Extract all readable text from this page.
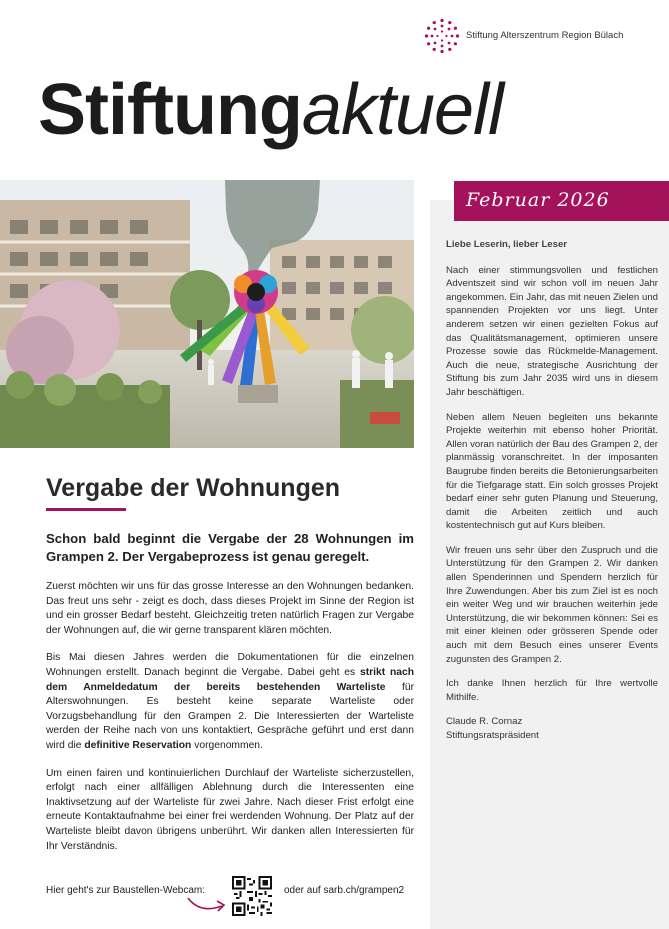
Stiftung Alterszentrum Region Bülach
Stiftungaktuell
Februar 2026

Liebe Leserin, lieber Leser

Nach einer stimmungsvollen und festlichen Adventszeit sind wir schon voll im neuen Jahr angekommen. Ein Jahr, das mit neuen Zielen und spannenden Projekten vor uns liegt. Unter anderem setzen wir einen gezielten Fokus auf das Qualitätsmanagement, optimieren unsere Prozesse sowie das Rückmelde-Management. Auch die neue, strategische Ausrichtung der Stiftung bis zum Jahr 2035 wird uns in diesem Jahr beschäftigen.

Neben allem Neuen begleiten uns bekannte Projekte weiterhin mit ebenso hoher Priorität. Allen voran natürlich der Bau des Grampen 2, der planmässig voranschreitet. In der imposanten Baugrube finden bereits die Betonierungsarbeiten für die Tiefgarage statt. Ein solch grosses Projekt bedarf einer sehr guten Planung und Steuerung, damit die Arbeiten zeitlich und auch kostentechnisch gut auf Kurs bleiben.

Wir freuen uns sehr über den Zuspruch und die Unterstützung für den Grampen 2. Wir danken allen Spenderinnen und Spendern herzlich für Ihre Zuwendungen. Aber bis zum Ziel ist es noch ein weiter Weg und wir brauchen weiterhin jede Unterstützung, die wir bekommen können: Sei es mit einer kleinen oder grösseren Spende oder auch mit dem Besuch eines unserer Events zugunsten des Grampen 2.

Ich danke Ihnen herzlich für Ihre wertvolle Mithilfe.

Claude R. Cornaz

Stiftungsratspräsident

Vergabe der Wohnungen
Schon bald beginnt die Vergabe der 28 Wohnungen im Grampen 2. Der Vergabeprozess ist genau geregelt.

Zuerst möchten wir uns für das grosse Interesse an den Wohnungen bedanken. Das freut uns sehr - zeigt es doch, dass dieses Projekt im Sinne der Region ist und ein grosser Bedarf besteht. Gleichzeitig treten natürlich Fragen zur Vergabe der Wohnungen auf, die wir gerne transparent klären möchten.

Bis Mai diesen Jahres werden die Dokumentationen für die einzelnen Wohnungen erstellt. Danach beginnt die Vergabe. Dabei geht es strikt nach dem Anmeldedatum der bereits bestehenden Warteliste für Alterswohnungen. Es besteht keine separate Warteliste oder Vorzugsbehandlung für den Grampen 2. Die Interessierten der Warteliste werden der Reihe nach von uns kontaktiert, Gespräche geführt und erst dann wird die definitive Reservation vorgenommen.

Um einen fairen und kontinuierlichen Durchlauf der Warteliste sicherzustellen, erfolgt nach einer allfälligen Ablehnung durch die Interessenten eine Inaktivsetzung auf der Warteliste für zwei Jahre. Nach dieser Frist erfolgt eine erneute Kontaktaufnahme bei einer frei werdenden Wohnung. Der Platz auf der Warteliste bleibt davon übrigens unberührt. Wir danken allen Interessierten für Ihr Verständnis.

Hier geht's zur Baustellen-Webcam:	oder auf sarb.ch/grampen2
